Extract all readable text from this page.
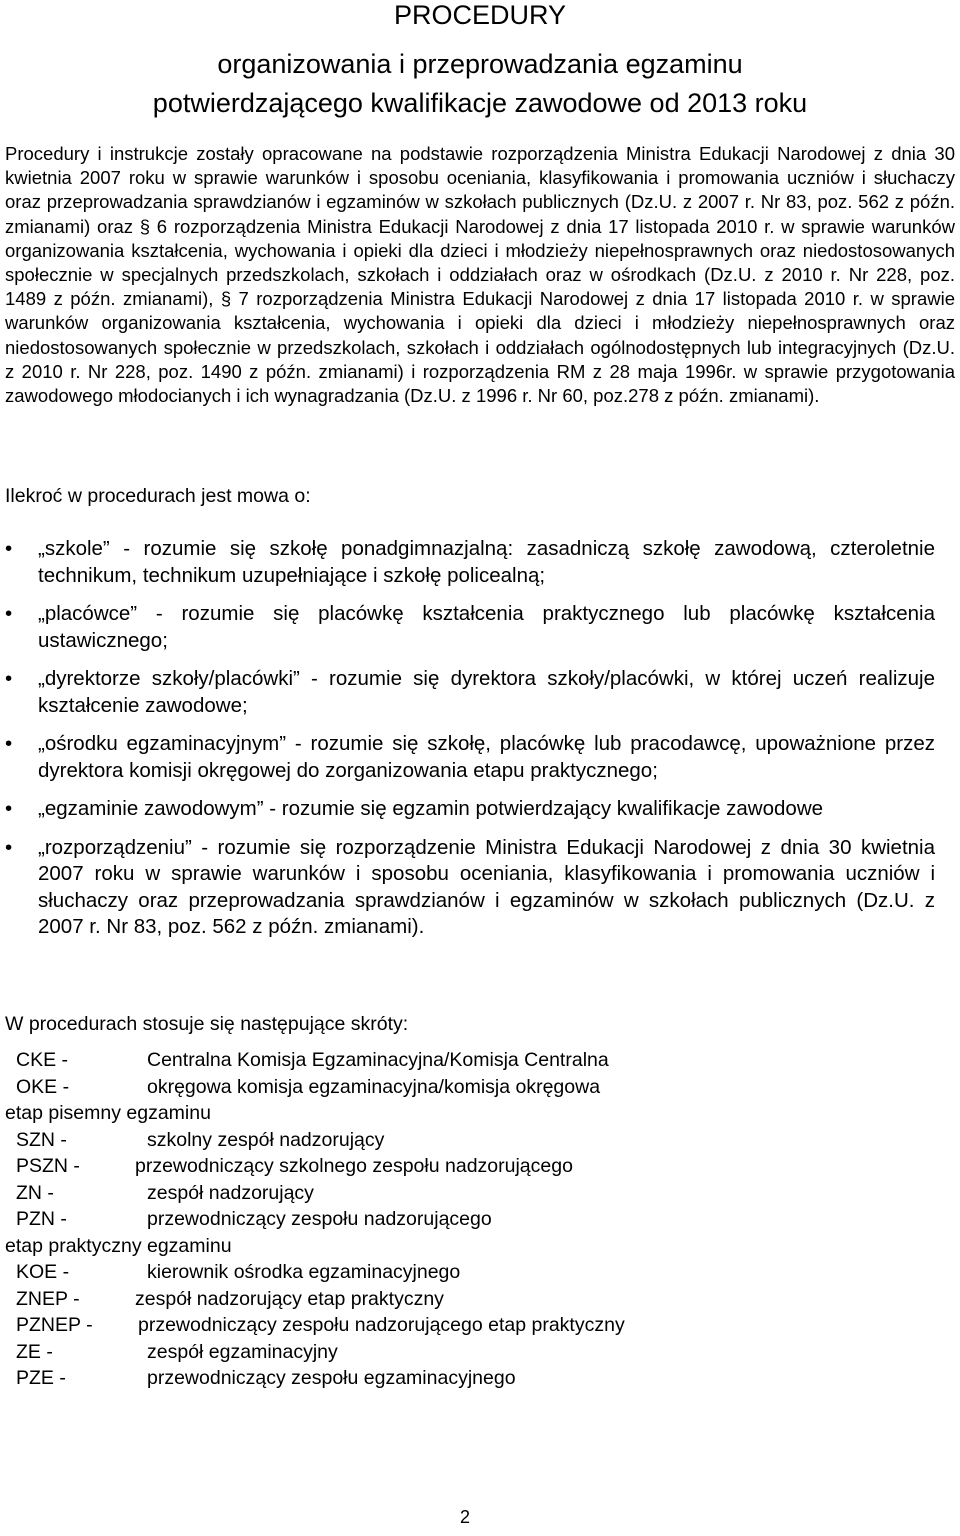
PROCEDURY
organizowania i przeprowadzania egzaminu
potwierdzającego kwalifikacje zawodowe od 2013 roku

Procedury i instrukcje zostały opracowane na podstawie rozporządzenia Ministra Edukacji Narodowej z dnia 30 kwietnia 2007 roku w sprawie warunków i sposobu oceniania, klasyfikowania i promowania uczniów i słuchaczy oraz przeprowadzania sprawdzianów i egzaminów w szkołach publicznych (Dz.U. z 2007 r. Nr 83, poz. 562 z późn. zmianami) oraz § 6 rozporządzenia Ministra Edukacji Narodowej z dnia 17 listopada 2010 r. w sprawie warunków organizowania kształcenia, wychowania i opieki dla dzieci i młodzieży niepełnosprawnych oraz niedostosowanych społecznie w specjalnych przedszkolach, szkołach i oddziałach oraz w ośrodkach (Dz.U. z 2010 r. Nr 228, poz. 1489 z późn. zmianami), § 7 rozporządzenia Ministra Edukacji Narodowej z dnia 17 listopada 2010 r. w sprawie warunków organizowania kształcenia, wychowania i opieki dla dzieci i młodzieży niepełnosprawnych oraz niedostosowanych społecznie w przedszkolach, szkołach i oddziałach ogólnodostępnych lub integracyjnych (Dz.U. z 2010 r. Nr 228, poz. 1490 z późn. zmianami) i rozporządzenia RM z 28 maja 1996r. w sprawie przygotowania zawodowego młodocianych i ich wynagradzania (Dz.U. z 1996 r. Nr 60, poz.278 z późn. zmianami).

Ilekroć w procedurach jest mowa o:
•	„szkole” - rozumie się szkołę ponadgimnazjalną: zasadniczą szkołę zawodową, czteroletnie technikum, technikum uzupełniające i szkołę policealną;
•	„placówce” - rozumie się placówkę kształcenia praktycznego lub placówkę kształcenia ustawicznego;
•	„dyrektorze szkoły/placówki” - rozumie się dyrektora szkoły/placówki, w której uczeń realizuje kształcenie zawodowe;
•	„ośrodku egzaminacyjnym” - rozumie się szkołę, placówkę lub pracodawcę, upoważnione przez dyrektora komisji okręgowej do zorganizowania etapu praktycznego;
•	„egzaminie zawodowym” - rozumie się egzamin potwierdzający kwalifikacje zawodowe
•	„rozporządzeniu” - rozumie się rozporządzenie Ministra Edukacji Narodowej z dnia 30 kwietnia 2007 roku w sprawie warunków i sposobu oceniania, klasyfikowania i promowania uczniów i słuchaczy oraz przeprowadzania sprawdzianów i egzaminów w szkołach publicznych (Dz.U. z 2007 r. Nr 83, poz. 562 z późn. zmianami).
W procedurach stosuje się następujące skróty:
CKE -	Centralna Komisja Egzaminacyjna/Komisja Centralna
OKE -	okręgowa komisja egzaminacyjna/komisja okręgowa
etap pisemny egzaminu
SZN -	szkolny zespół nadzorujący
PSZN -	przewodniczący szkolnego zespołu nadzorującego
ZN -	zespół nadzorujący
PZN -	przewodniczący zespołu nadzorującego
etap praktyczny egzaminu
KOE -	kierownik ośrodka egzaminacyjnego
ZNEP -	zespół nadzorujący etap praktyczny
PZNEP - przewodniczący zespołu nadzorującego etap praktyczny
ZE -	zespół egzaminacyjny
PZE -	przewodniczący zespołu egzaminacyjnego
2
